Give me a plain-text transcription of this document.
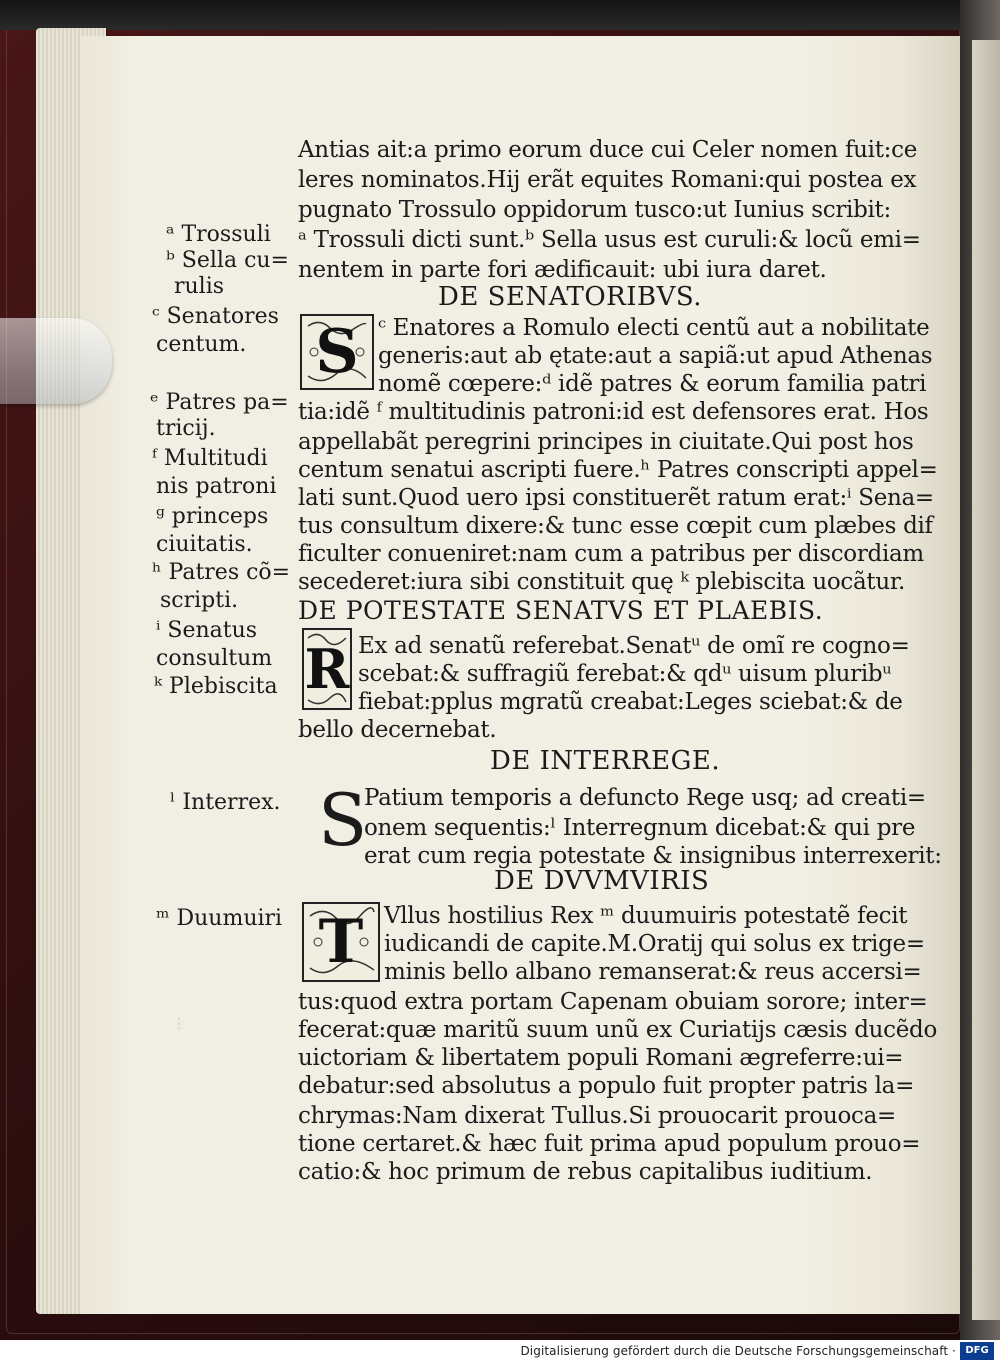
⁝
Antias ait:a primo eorum duce cui Celer nomen fuit:ce
leres nominatos.Hij erãt equites Romani:qui postea ex
pugnato Trossulo oppidorum tusco:ut Iunius scribit:
ᵃ Trossuli dicti sunt.ᵇ Sella usus est curuli:& locũ emi=
nentem in parte fori ædificauit: ubi iura daret.
DE SENATORIBVS.
S ᶜ Enatores a Romulo electi centũ aut a nobilitate
generis:aut ab ętate:aut a sapiã:ut apud Athenas
nomẽ cœpere:ᵈ idẽ patres & eorum familia patri
tia:idẽ ᶠ multitudinis patroni:id est defensores erat. Hos
appellabãt peregrini principes in ciuitate.Qui post hos
centum senatui ascripti fuere.ʰ Patres conscripti appel=
lati sunt.Quod uero ipsi constituerẽt ratum erat:ⁱ Sena=
tus consultum dixere:& tunc esse cœpit cum plæbes dif
ficulter conueniret:nam cum a patribus per discordiam
secederet:iura sibi constituit quę ᵏ plebiscita uocãtur.
DE POTESTATE SENATVS ET PLAEBIS.
R Ex ad senatũ referebat.Senatᵘ de omĩ re cogno=
scebat:& suffragiũ ferebat:& qdᵘ uisum pluribᵘ
fiebat:pplus mgratũ creabat:Leges sciebat:& de
bello decernebat.
DE INTERREGE.
S
Patium temporis a defuncto Rege usq; ad creati=
onem sequentis:ˡ Interregnum dicebat:& qui pre
erat cum regia potestate & insignibus interrexerit:
DE DVVMVIRIS
T Vllus hostilius Rex ᵐ duumuiris potestatẽ fecit
iudicandi de capite.M.Oratij qui solus ex trige=
minis bello albano remanserat:& reus accersi=
tus:quod extra portam Capenam obuiam sorore; inter=
fecerat:quæ maritũ suum unũ ex Curiatijs cæsis ducẽdo
uictoriam & libertatem populi Romani ægreferre:ui=
debatur:sed absolutus a populo fuit propter patris la=
chrymas:Nam dixerat Tullus.Si prouocarit prouoca=
tione certaret.& hæc fuit prima apud populum prouo=
catio:& hoc primum de rebus capitalibus iuditium.
ᵃ Trossuli
ᵇ Sella cu=
rulis
ᶜ Senatores
centum.
ᵉ Patres pa=
tricij.
ᶠ Multitudi
nis patroni
ᵍ princeps
ciuitatis.
ʰ Patres cõ=
scripti.
ⁱ Senatus
consultum
ᵏ Plebiscita
ˡ Interrex.
ᵐ Duumuiri
Digitalisierung gefördert durch die Deutsche Forschungsgemeinschaft · DFG
